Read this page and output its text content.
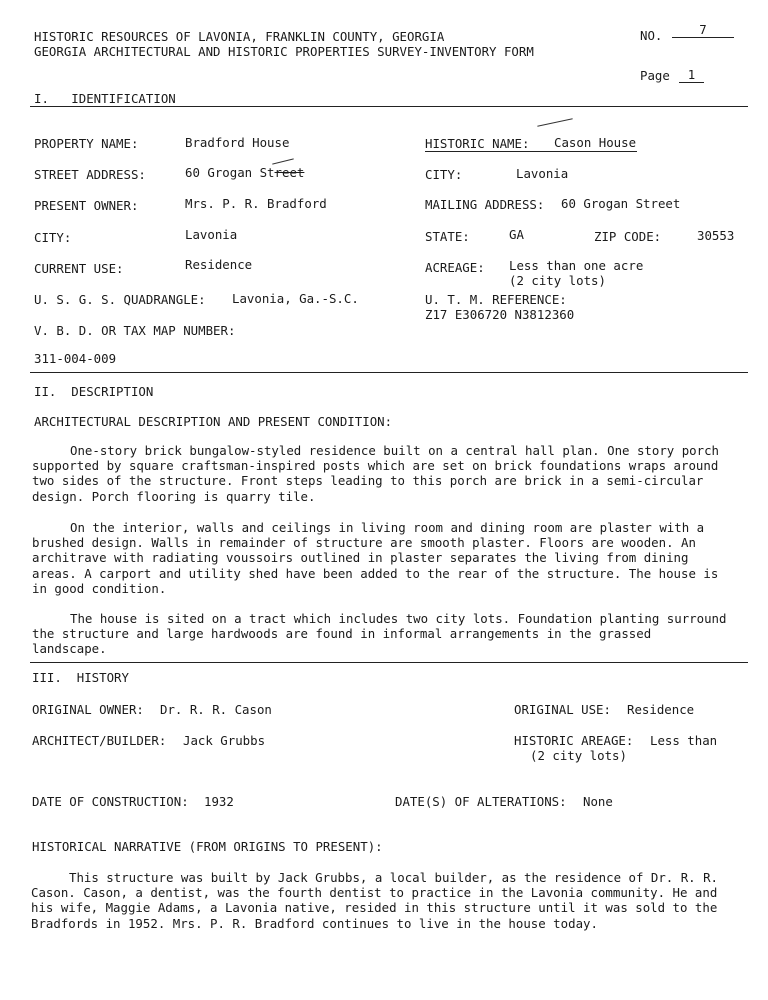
HISTORIC RESOURCES OF LAVONIA, FRANKLIN COUNTY, GEORGIA
GEORGIA ARCHITECTURAL AND HISTORIC PROPERTIES SURVEY-INVENTORY FORM
NO.	7
Page	1
I.   IDENTIFICATION
PROPERTY NAME:	Bradford House	HISTORIC NAME:	Cason House
STREET ADDRESS:	60 Grogan Street	CITY:	Lavonia
PRESENT OWNER:	Mrs. P. R. Bradford	MAILING ADDRESS: 60 Grogan Street
CITY:	Lavonia	STATE:	GA	ZIP CODE:	30553
CURRENT USE:	Residence	ACREAGE: Less than one acre
(2 city lots)
U. S. G. S. QUADRANGLE: Lavonia, Ga.-S.C.	U. T. M. REFERENCE:
Z17 E306720 N3812360
V. B. D. OR TAX MAP NUMBER:
311-004-009
II.  DESCRIPTION
ARCHITECTURAL DESCRIPTION AND PRESENT CONDITION:
One-story brick bungalow-styled residence built on a central hall plan. One story porch supported by square craftsman-inspired posts which are set on brick foundations wraps around two sides of the structure. Front steps leading to this porch are brick in a semi-circular design. Porch flooring is quarry tile.
On the interior, walls and ceilings in living room and dining room are plaster with a brushed design. Walls in remainder of structure are smooth plaster. Floors are wooden. An architrave with radiating voussoirs outlined in plaster separates the living from dining areas. A carport and utility shed have been added to the rear of the structure. The house is in good condition.
The house is sited on a tract which includes two city lots. Foundation planting surround the structure and large hardwoods are found in informal arrangements in the grassed landscape.
III.  HISTORY
ORIGINAL OWNER: Dr. R. R. Cason	ORIGINAL USE: Residence
ARCHITECT/BUILDER: Jack Grubbs	HISTORIC AREAGE: Less than
(2 city lots)
DATE OF CONSTRUCTION: 1932	DATE(S) OF ALTERATIONS: None
HISTORICAL NARRATIVE (FROM ORIGINS TO PRESENT):
This structure was built by Jack Grubbs, a local builder, as the residence of Dr. R. R. Cason. Cason, a dentist, was the fourth dentist to practice in the Lavonia community. He and his wife, Maggie Adams, a Lavonia native, resided in this structure until it was sold to the Bradfords in 1952. Mrs. P. R. Bradford continues to live in the house today.
